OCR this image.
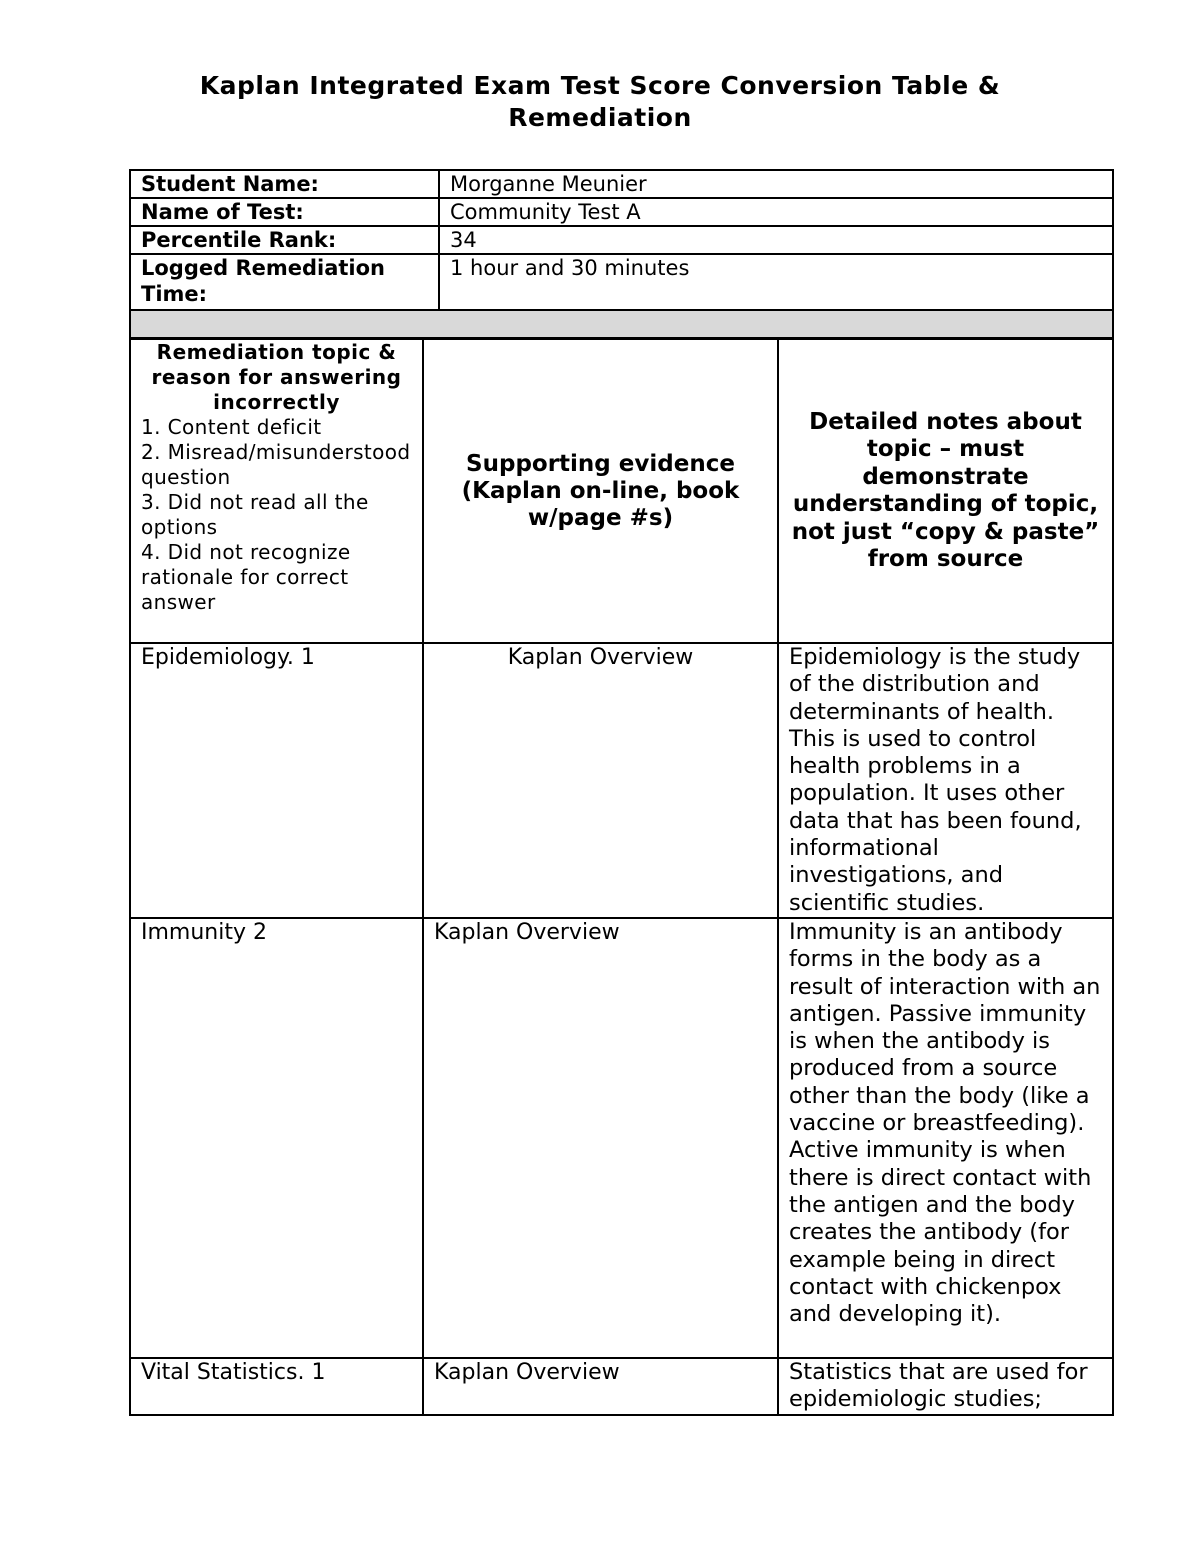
Kaplan Integrated Exam Test Score Conversion Table &
Remediation
Student Name:	Morganne Meunier
Name of Test:	Community Test A
Percentile Rank:	34

Logged Remediation
Time:	1 hour and 30 minutes

Remediation topic & reason for answering incorrectly
1. Content deficit
2. Misread/misunderstood question
3. Did not read all the options
4. Did not recognize rationale for correct answer	Supporting evidence (Kaplan on-line, book w/page #s)	Detailed notes about topic – must demonstrate understanding of topic, not just “copy & paste” from source

Epidemiology. 1	Kaplan Overview	Epidemiology is the study of the distribution and determinants of health. This is used to control health problems in a population. It uses other data that has been found, informational investigations, and scientific studies.
Immunity 2	Kaplan Overview	Immunity is an antibody forms in the body as a result of interaction with an antigen. Passive immunity is when the antibody is produced from a source other than the body (like a vaccine or breastfeeding). Active immunity is when there is direct contact with the antigen and the body creates the antibody (for example being in direct contact with chickenpox and developing it).
Vital Statistics. 1	Kaplan Overview	Statistics that are used for epidemiologic studies;
